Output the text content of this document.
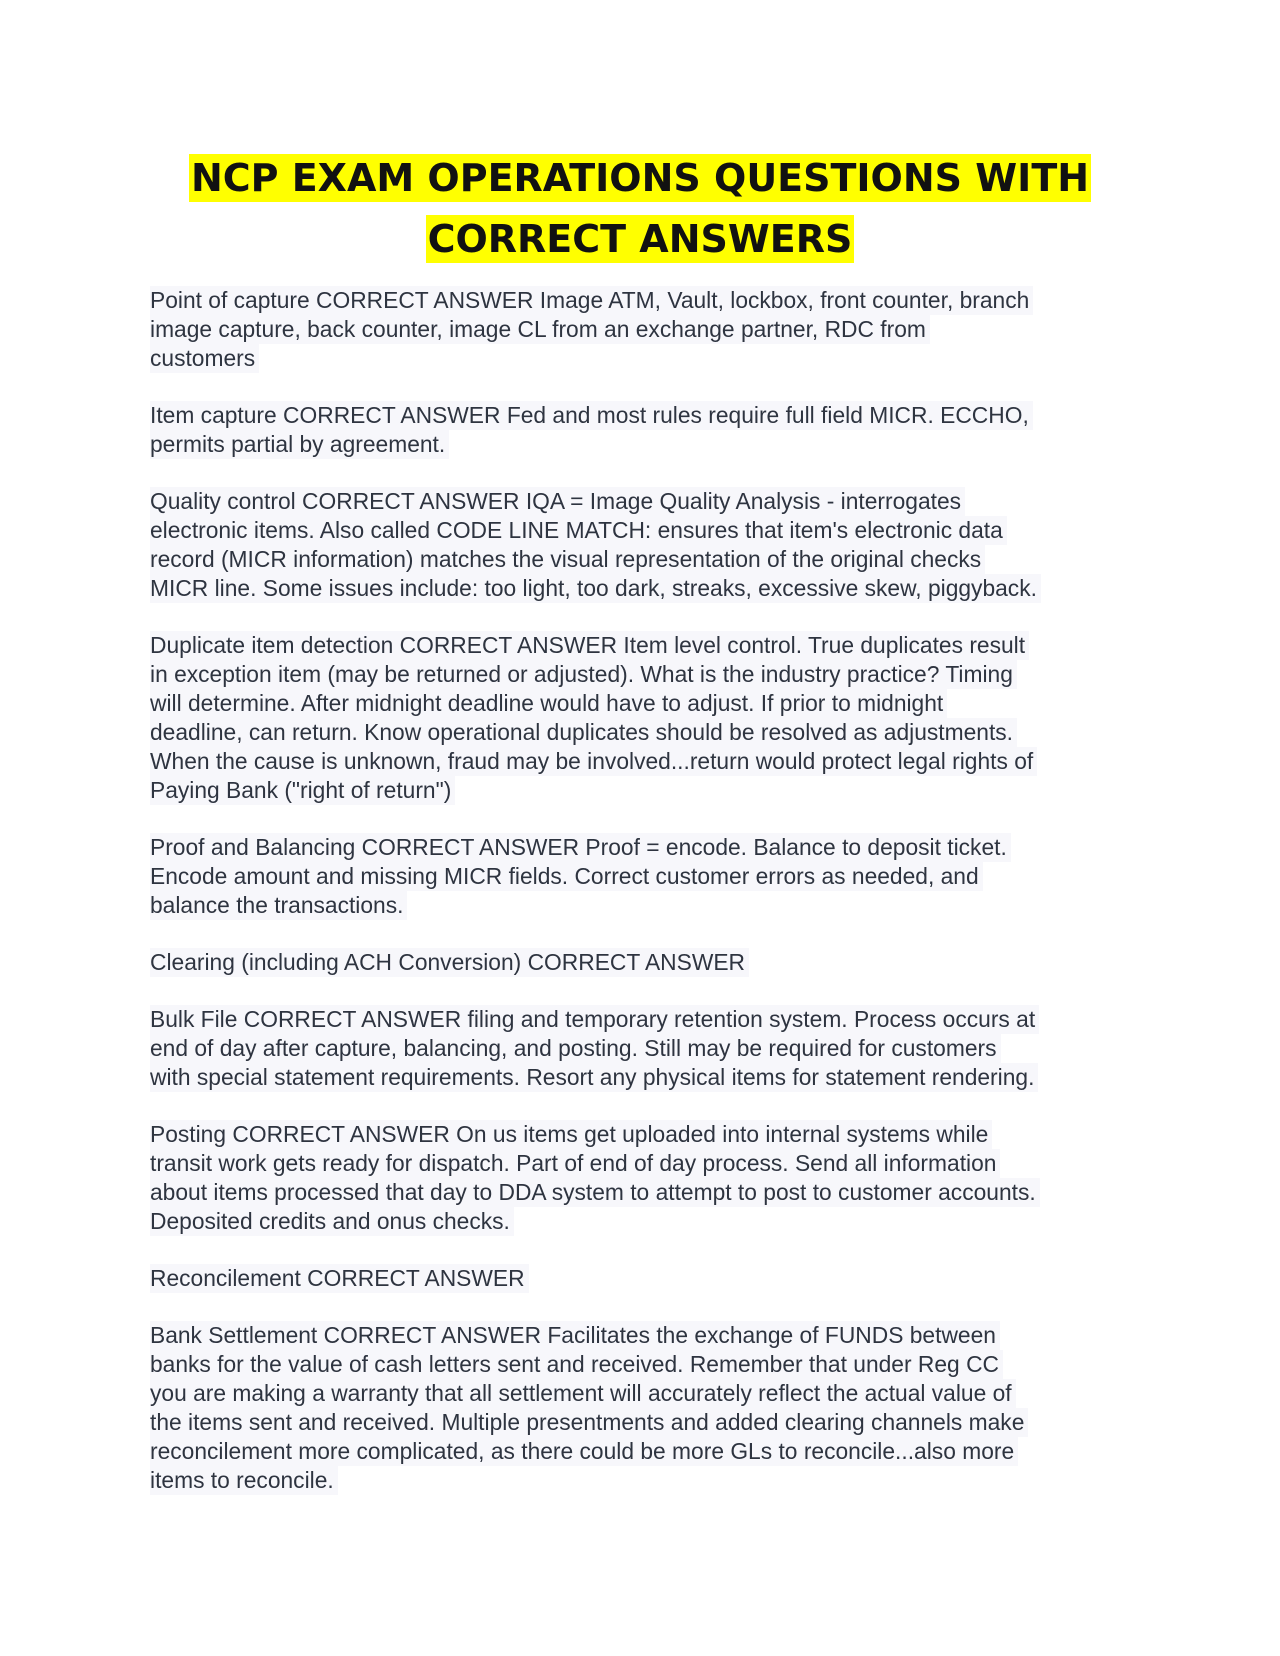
NCP EXAM OPERATIONS QUESTIONS WITH
CORRECT ANSWERS
Point of capture CORRECT ANSWER Image ATM, Vault, lockbox, front counter, branch
image capture, back counter, image CL from an exchange partner, RDC from
customers
Item capture CORRECT ANSWER Fed and most rules require full field MICR. ECCHO,
permits partial by agreement.
Quality control CORRECT ANSWER IQA = Image Quality Analysis - interrogates
electronic items. Also called CODE LINE MATCH: ensures that item's electronic data
record (MICR information) matches the visual representation of the original checks
MICR line. Some issues include: too light, too dark, streaks, excessive skew, piggyback.
Duplicate item detection CORRECT ANSWER Item level control. True duplicates result
in exception item (may be returned or adjusted). What is the industry practice? Timing
will determine. After midnight deadline would have to adjust. If prior to midnight
deadline, can return. Know operational duplicates should be resolved as adjustments.
When the cause is unknown, fraud may be involved...return would protect legal rights of
Paying Bank ("right of return")
Proof and Balancing CORRECT ANSWER Proof = encode. Balance to deposit ticket.
Encode amount and missing MICR fields. Correct customer errors as needed, and
balance the transactions.
Clearing (including ACH Conversion) CORRECT ANSWER
Bulk File CORRECT ANSWER filing and temporary retention system. Process occurs at
end of day after capture, balancing, and posting. Still may be required for customers
with special statement requirements. Resort any physical items for statement rendering.
Posting CORRECT ANSWER On us items get uploaded into internal systems while
transit work gets ready for dispatch. Part of end of day process. Send all information
about items processed that day to DDA system to attempt to post to customer accounts.
Deposited credits and onus checks.
Reconcilement CORRECT ANSWER
Bank Settlement CORRECT ANSWER Facilitates the exchange of FUNDS between
banks for the value of cash letters sent and received. Remember that under Reg CC
you are making a warranty that all settlement will accurately reflect the actual value of
the items sent and received. Multiple presentments and added clearing channels make
reconcilement more complicated, as there could be more GLs to reconcile...also more
items to reconcile.
